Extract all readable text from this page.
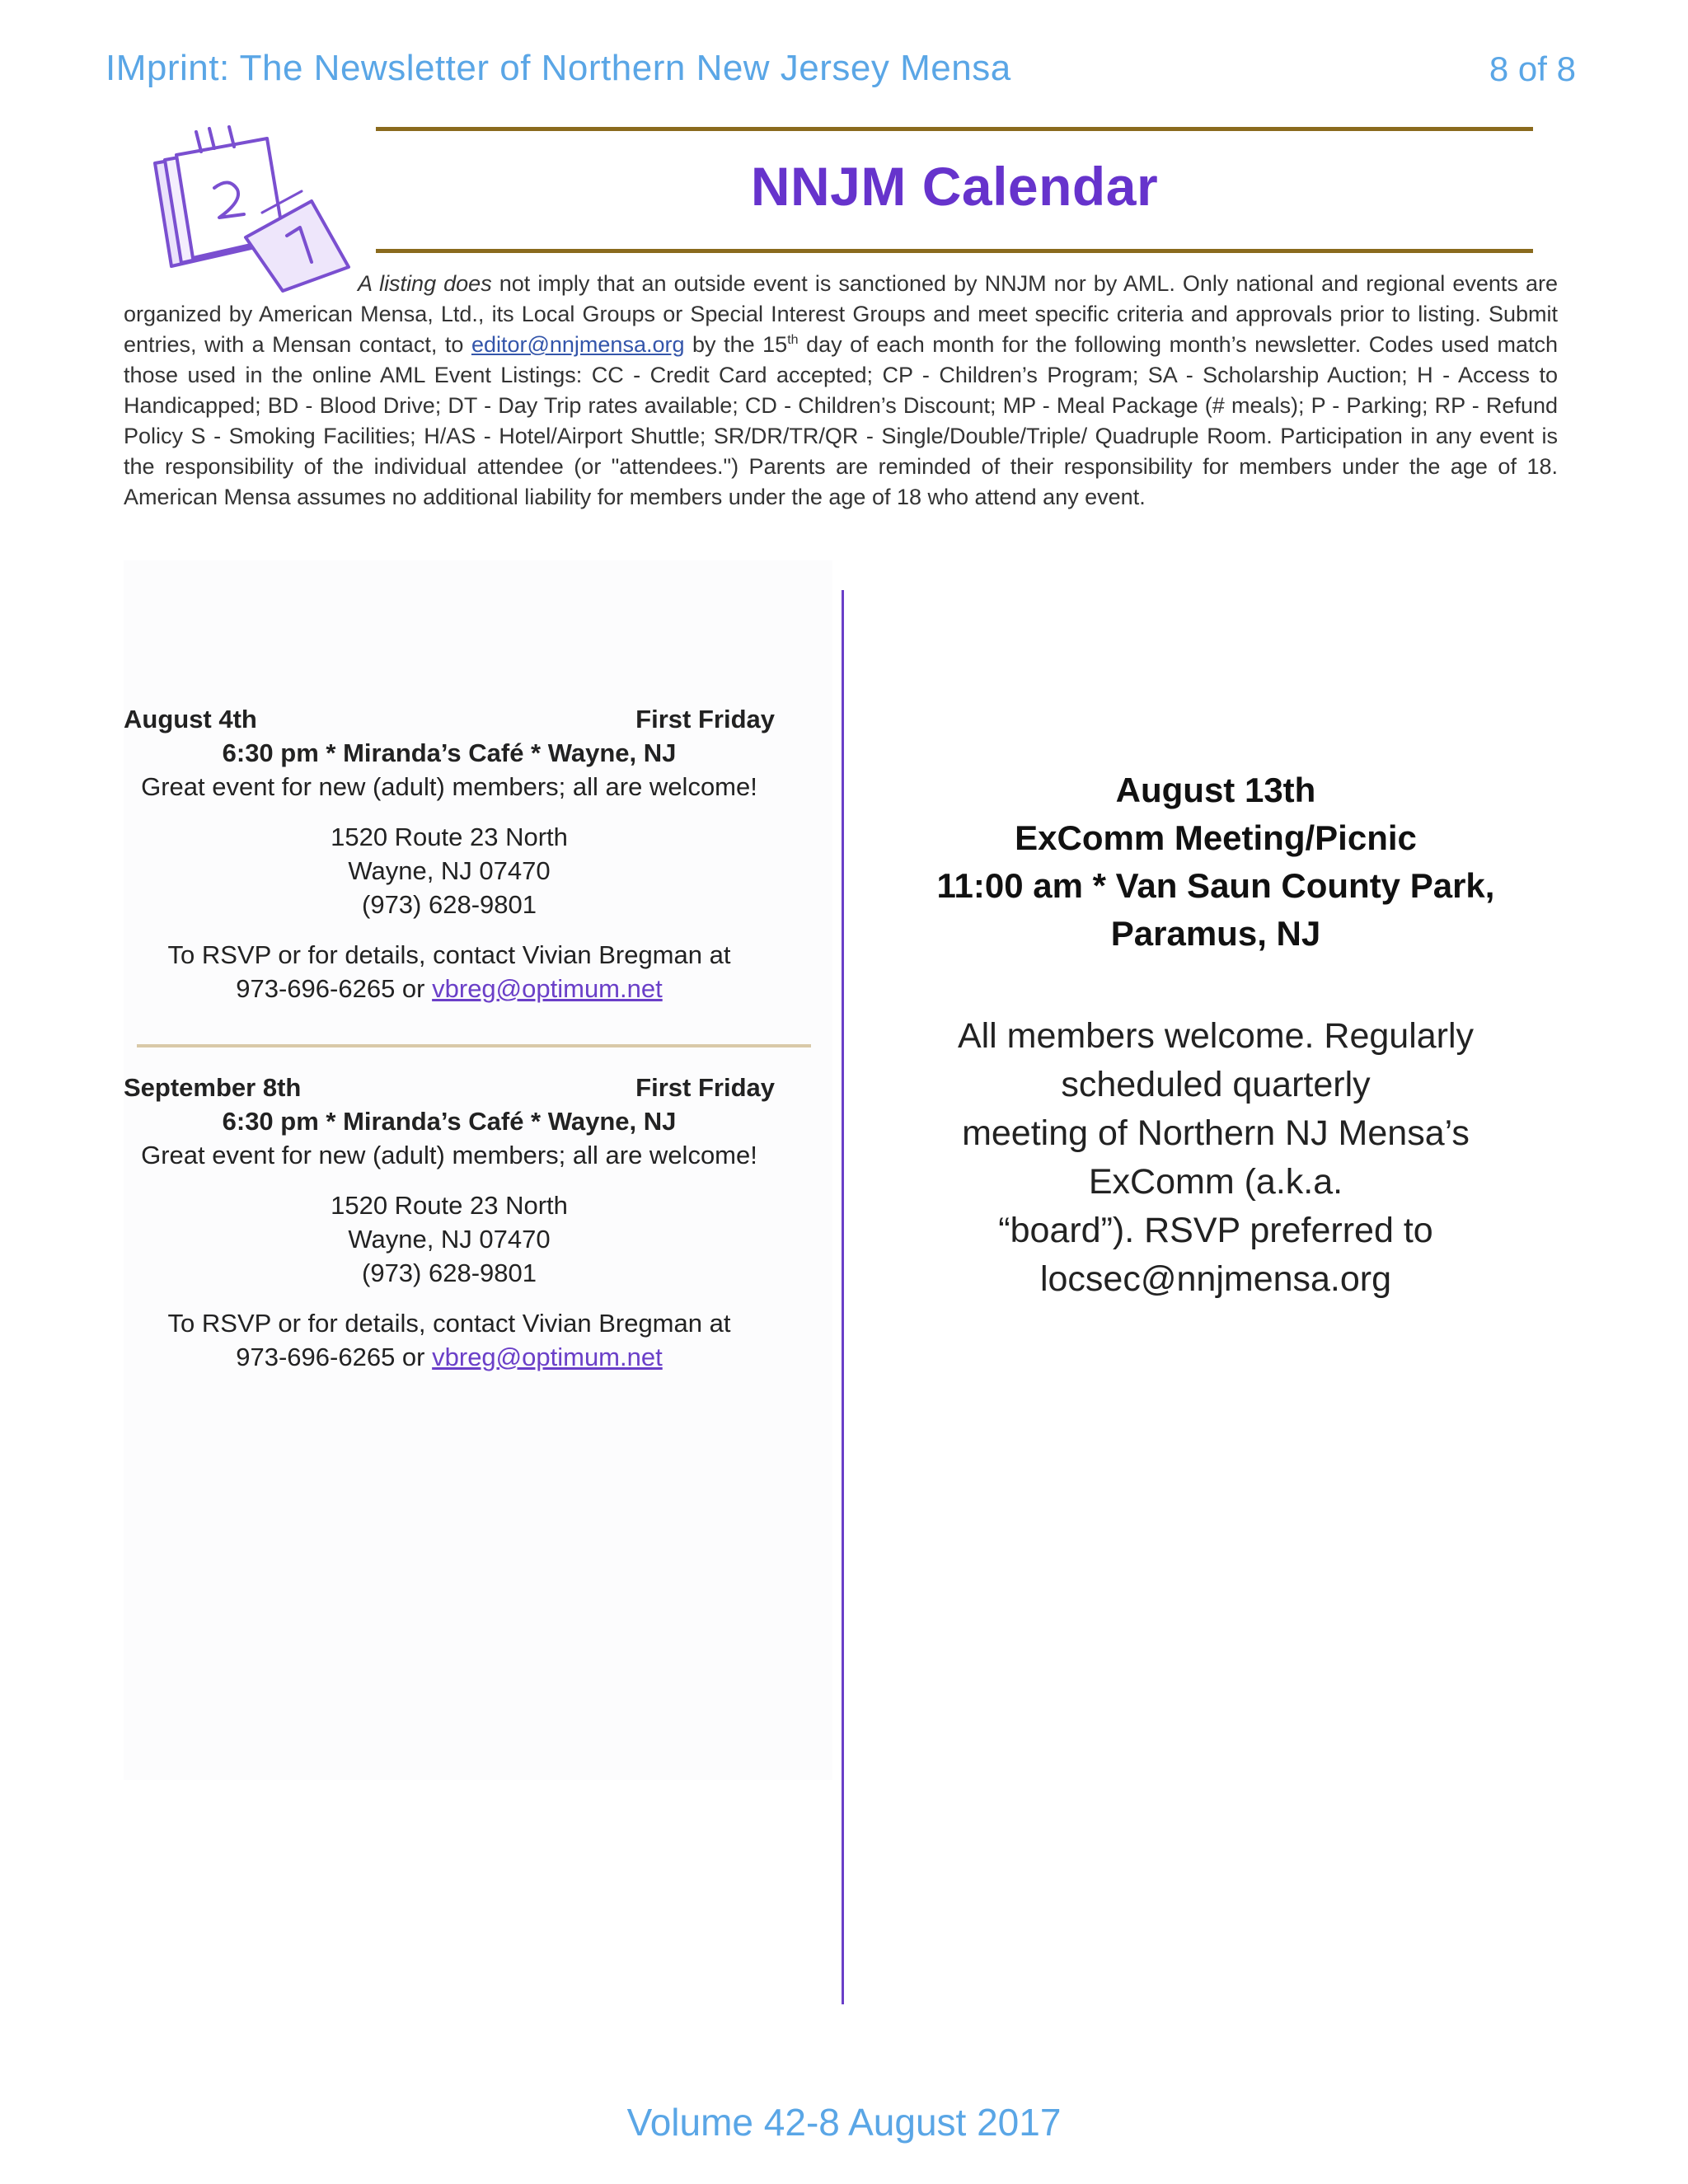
IMprint: The Newsletter of Northern New Jersey Mensa	8 of 8
NNJM Calendar
A listing does not imply that an outside event is sanctioned by NNJM nor by AML. Only national and regional events are organized by American Mensa, Ltd., its Local Groups or Special Interest Groups and meet specific criteria and approvals prior to listing. Submit entries, with a Mensan contact, to editor@nnjmensa.org by the 15th day of each month for the following month’s newsletter. Codes used match those used in the online AML Event Listings: CC - Credit Card accepted; CP - Children’s Program; SA - Scholarship Auction; H - Access to Handicapped; BD - Blood Drive; DT - Day Trip rates available; CD - Children’s Discount; MP - Meal Package (# meals); P - Parking; RP - Refund Policy S - Smoking Facilities; H/AS - Hotel/Airport Shuttle; SR/DR/TR/QR - Single/Double/Triple/ Quadruple Room. Participation in any event is the responsibility of the individual attendee (or "attendees.") Parents are reminded of their responsibility for members under the age of 18. American Mensa assumes no additional liability for members under the age of 18 who attend any event.
August 4th	First Friday
6:30 pm * Miranda’s Café * Wayne, NJ
Great event for new (adult) members; all are welcome!
1520 Route 23 North
Wayne, NJ 07470
(973) 628-9801
To RSVP or for details, contact Vivian Bregman at
973-696-6265 or vbreg@optimum.net
September 8th	First Friday
6:30 pm * Miranda’s Café * Wayne, NJ
Great event for new (adult) members; all are welcome!
1520 Route 23 North
Wayne, NJ 07470
(973) 628-9801
To RSVP or for details, contact Vivian Bregman at
973-696-6265 or vbreg@optimum.net
August 13th
ExComm Meeting/Picnic
11:00 am * Van Saun County Park,
Paramus, NJ
All members welcome. Regularly
scheduled quarterly
meeting of Northern NJ Mensa’s
ExComm (a.k.a.
“board”). RSVP preferred to
locsec@nnjmensa.org
Volume 42-8 August 2017
